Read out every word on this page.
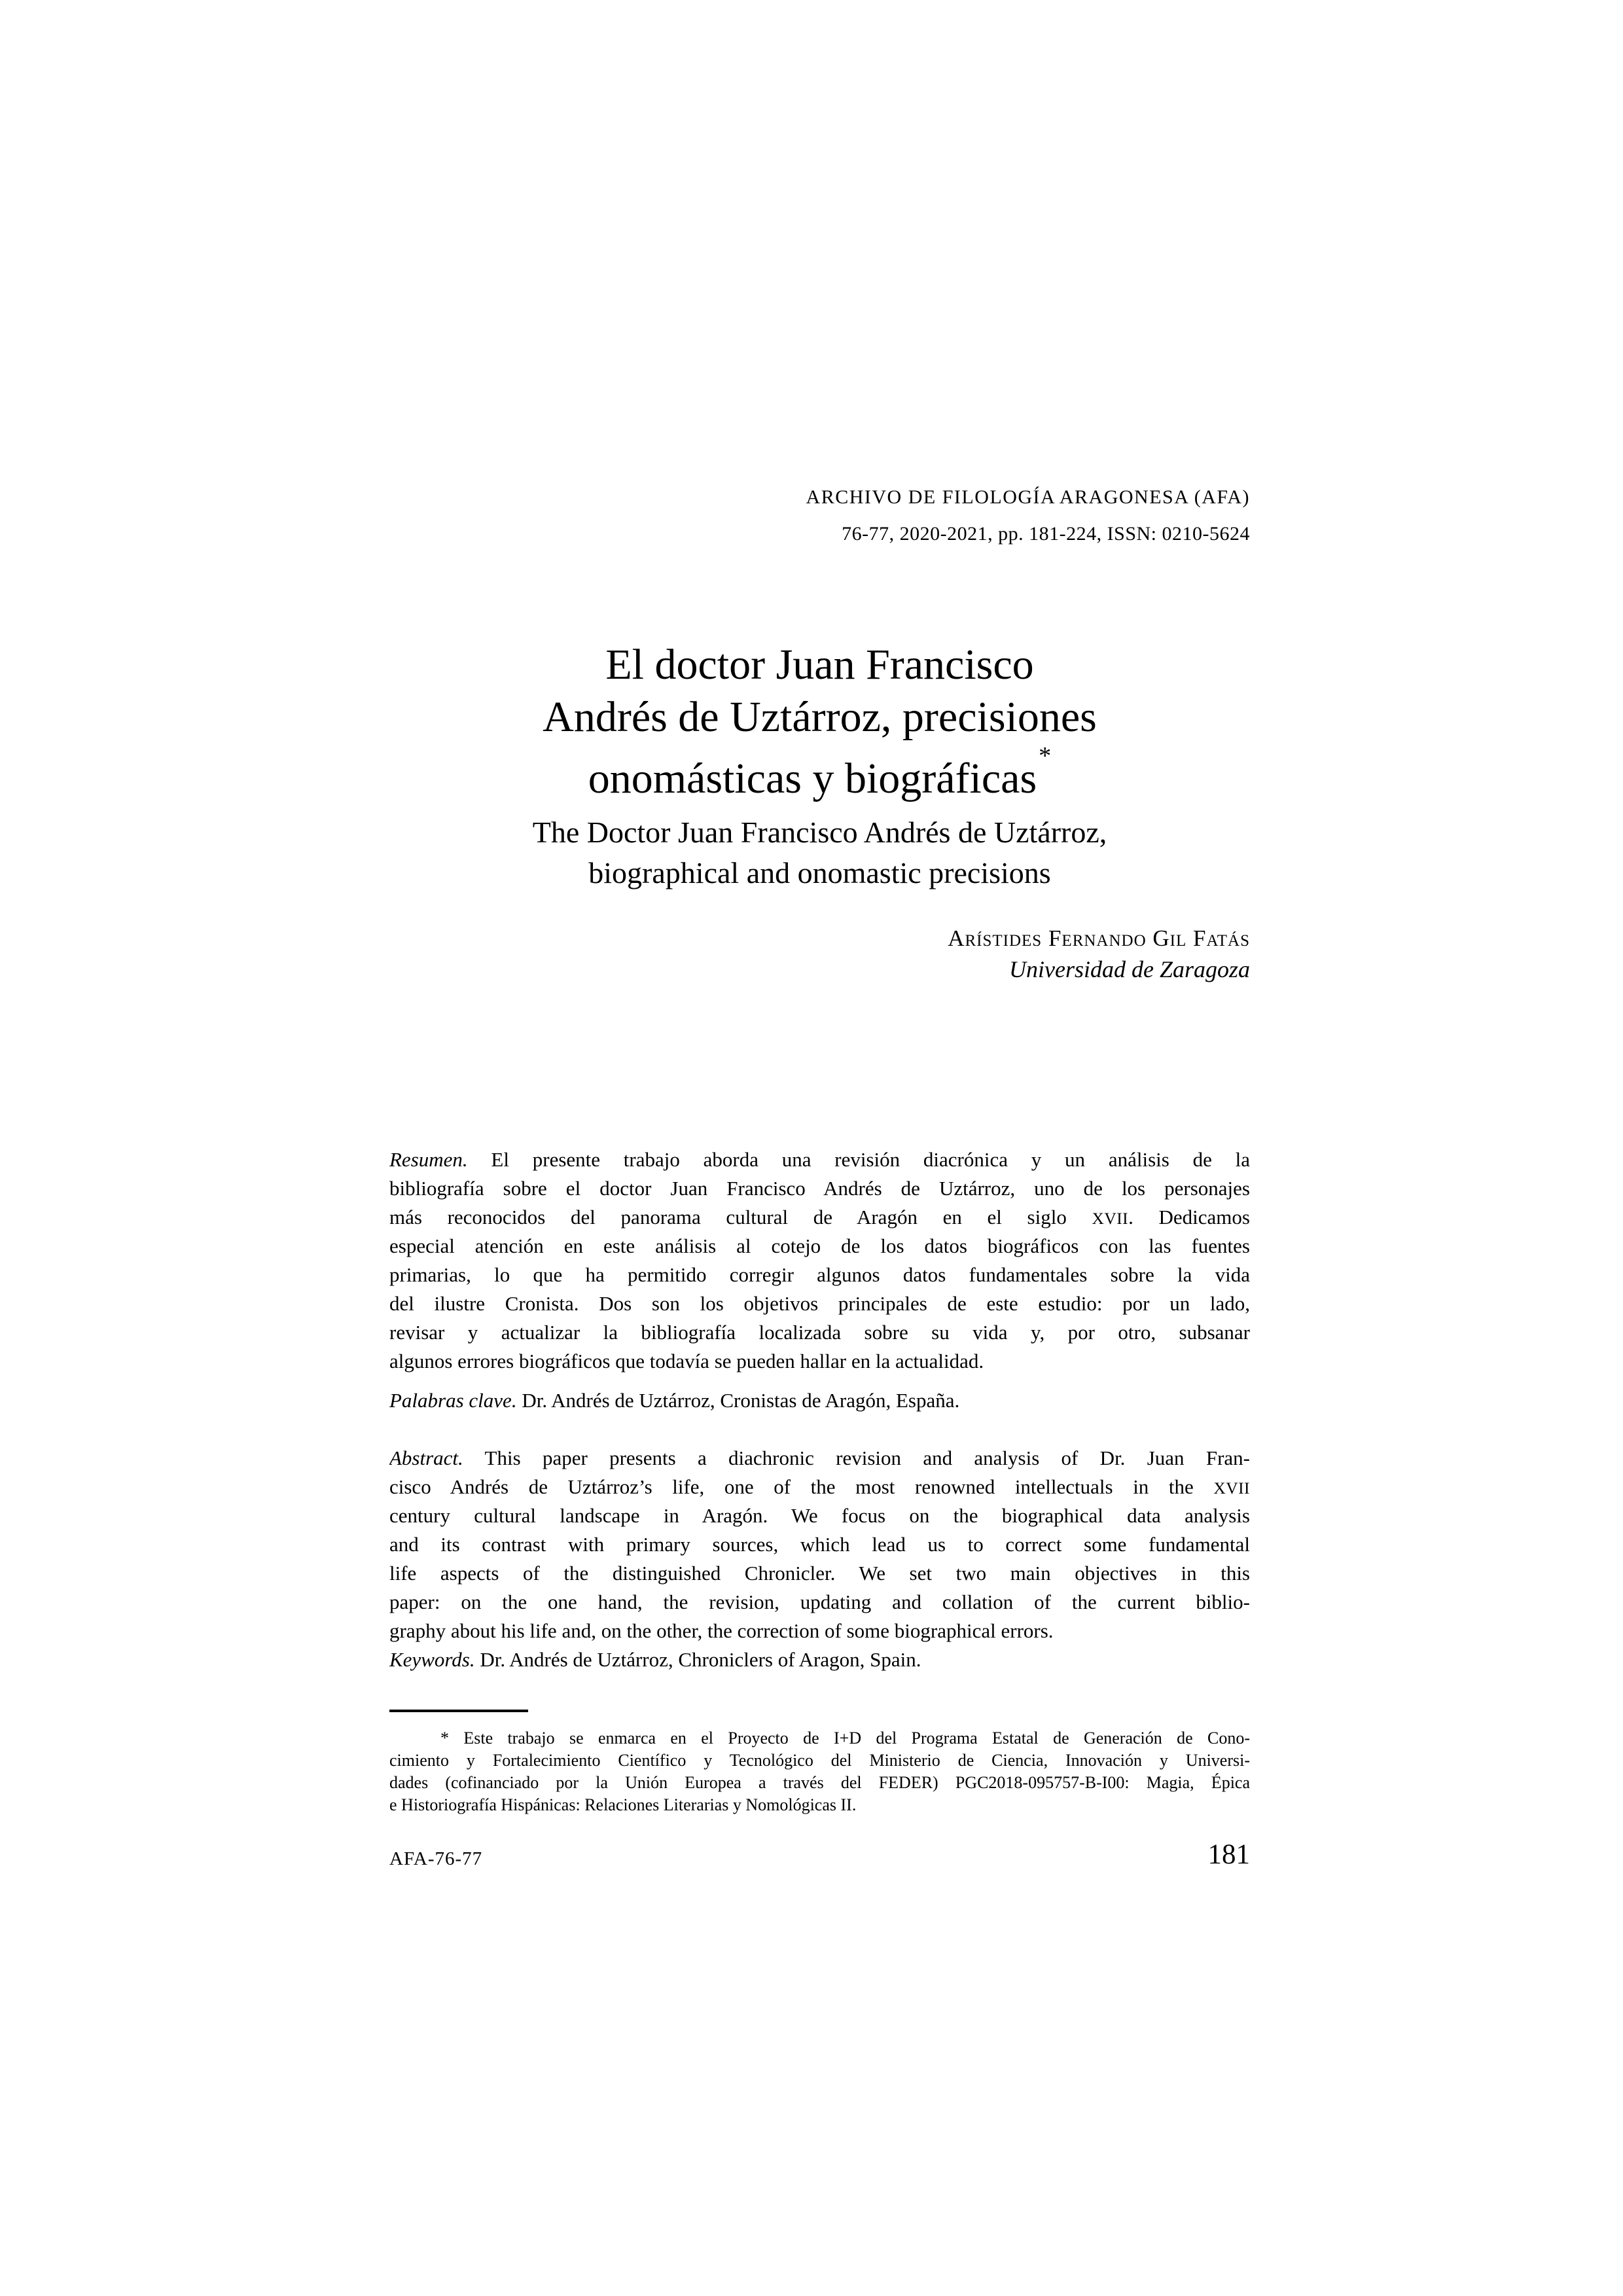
ARCHIVO DE FILOLOGÍA ARAGONESA (AFA)
76-77, 2020-2021, pp. 181-224, ISSN: 0210-5624
El doctor Juan Francisco
Andrés de Uztárroz, precisiones
onomásticas y biográficas*
The Doctor Juan Francisco Andrés de Uztárroz,
biographical and onomastic precisions
Arístides Fernando Gil Fatás
Universidad de Zaragoza
Resumen. El presente trabajo aborda una revisión diacrónica y un análisis de la
bibliografía sobre el doctor Juan Francisco Andrés de Uztárroz, uno de los personajes
más reconocidos del panorama cultural de Aragón en el siglo XVII. Dedicamos
especial atención en este análisis al cotejo de los datos biográficos con las fuentes
primarias, lo que ha permitido corregir algunos datos fundamentales sobre la vida
del ilustre Cronista. Dos son los objetivos principales de este estudio: por un lado,
revisar y actualizar la bibliografía localizada sobre su vida y, por otro, subsanar
algunos errores biográficos que todavía se pueden hallar en la actualidad.
Palabras clave. Dr. Andrés de Uztárroz, Cronistas de Aragón, España.
Abstract. This paper presents a diachronic revision and analysis of Dr. Juan Fran-
cisco Andrés de Uztárroz’s life, one of the most renowned intellectuals in the XVII
century cultural landscape in Aragón. We focus on the biographical data analysis
and its contrast with primary sources, which lead us to correct some fundamental
life aspects of the distinguished Chronicler. We set two main objectives in this
paper: on the one hand, the revision, updating and collation of the current biblio-
graphy about his life and, on the other, the correction of some biographical errors.
Keywords. Dr. Andrés de Uztárroz, Chroniclers of Aragon, Spain.
* Este trabajo se enmarca en el Proyecto de I+D del Programa Estatal de Generación de Cono-
cimiento y Fortalecimiento Científico y Tecnológico del Ministerio de Ciencia, Innovación y Universi-
dades (cofinanciado por la Unión Europea a través del FEDER) PGC2018-095757-B-I00: Magia, Épica
e Historiografía Hispánicas: Relaciones Literarias y Nomológicas II.
AFA-76-77	181
